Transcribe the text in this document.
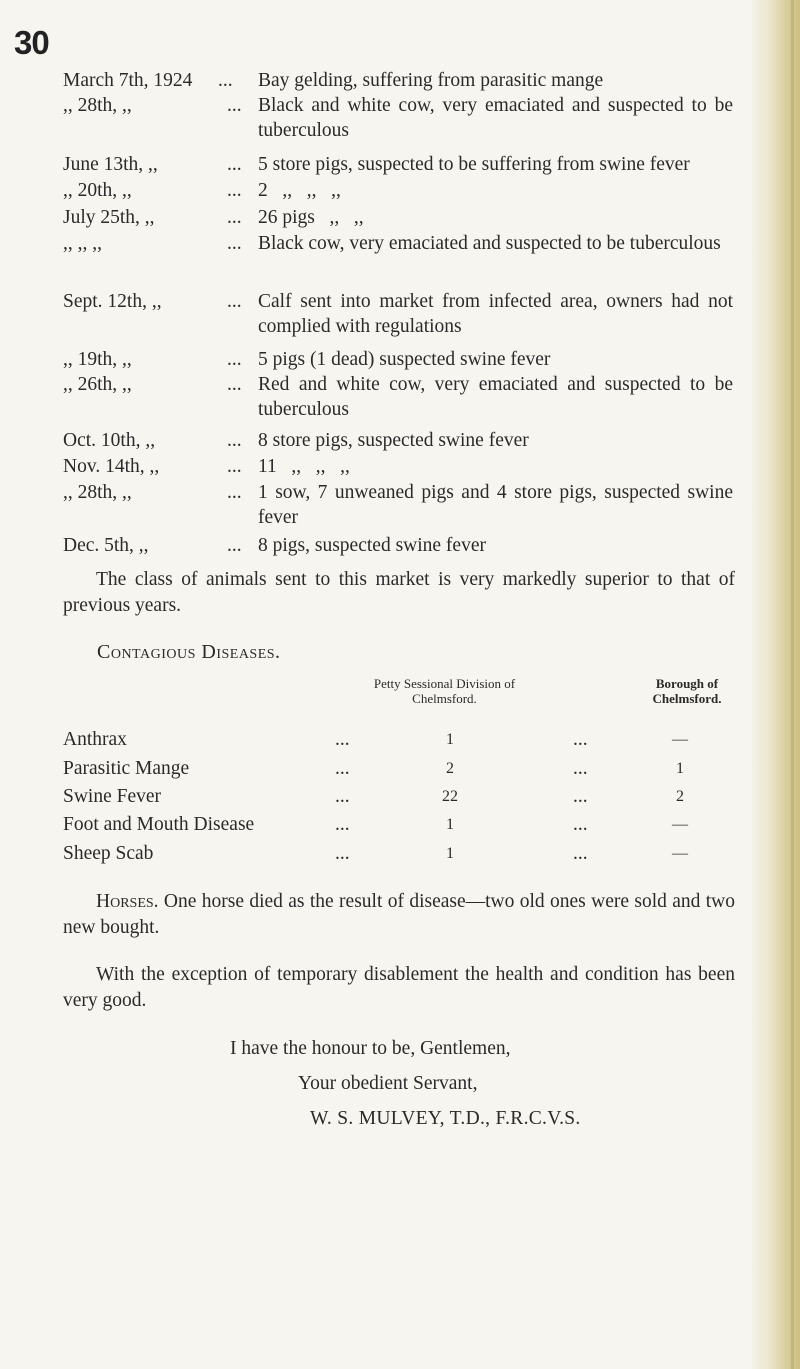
30
March 7th, 1924 ... Bay gelding, suffering from parasitic mange
,, 28th, ,,	... Black and white cow, very emaciated and suspected to be tuberculous
June 13th, ,,	... 5 store pigs, suspected to be suffering from swine fever
,, 20th, ,,	... 2   ,,   ,,   ,,
July 25th, ,,	... 26 pigs   ,,   ,,
,, ,, ,,	... Black cow, very emaciated and suspected to be tuberculous
Sept. 12th, ,,	... Calf sent into market from infected area, owners had not complied with regulations
,, 19th, ,,	... 5 pigs (1 dead) suspected swine fever
,, 26th, ,,	... Red and white cow, very emaciated and suspected to be tuberculous
Oct. 10th, ,,	... 8 store pigs, suspected swine fever
Nov. 14th, ,,	... 11   ,,   ,,   ,,
,, 28th, ,,	... 1 sow, 7 unweaned pigs and 4 store pigs, suspected swine fever
Dec. 5th, ,,	... 8 pigs, suspected swine fever
The class of animals sent to this market is very markedly superior to that of previous years.
Contagious Diseases.
Petty Sessional Division of Chelmsford.
Borough of Chelmsford.
Anthrax	...	1	...	—
Parasitic Mange	...	2	...	1
Swine Fever	...	22	...	2
Foot and Mouth Disease	...	1	...	—
Sheep Scab	...	1	...	—
Horses. One horse died as the result of disease—two old ones were sold and two new bought.
With the exception of temporary disablement the health and condition has been very good.
I have the honour to be, Gentlemen,
Your obedient Servant,
W. S. MULVEY, T.D., F.R.C.V.S.
